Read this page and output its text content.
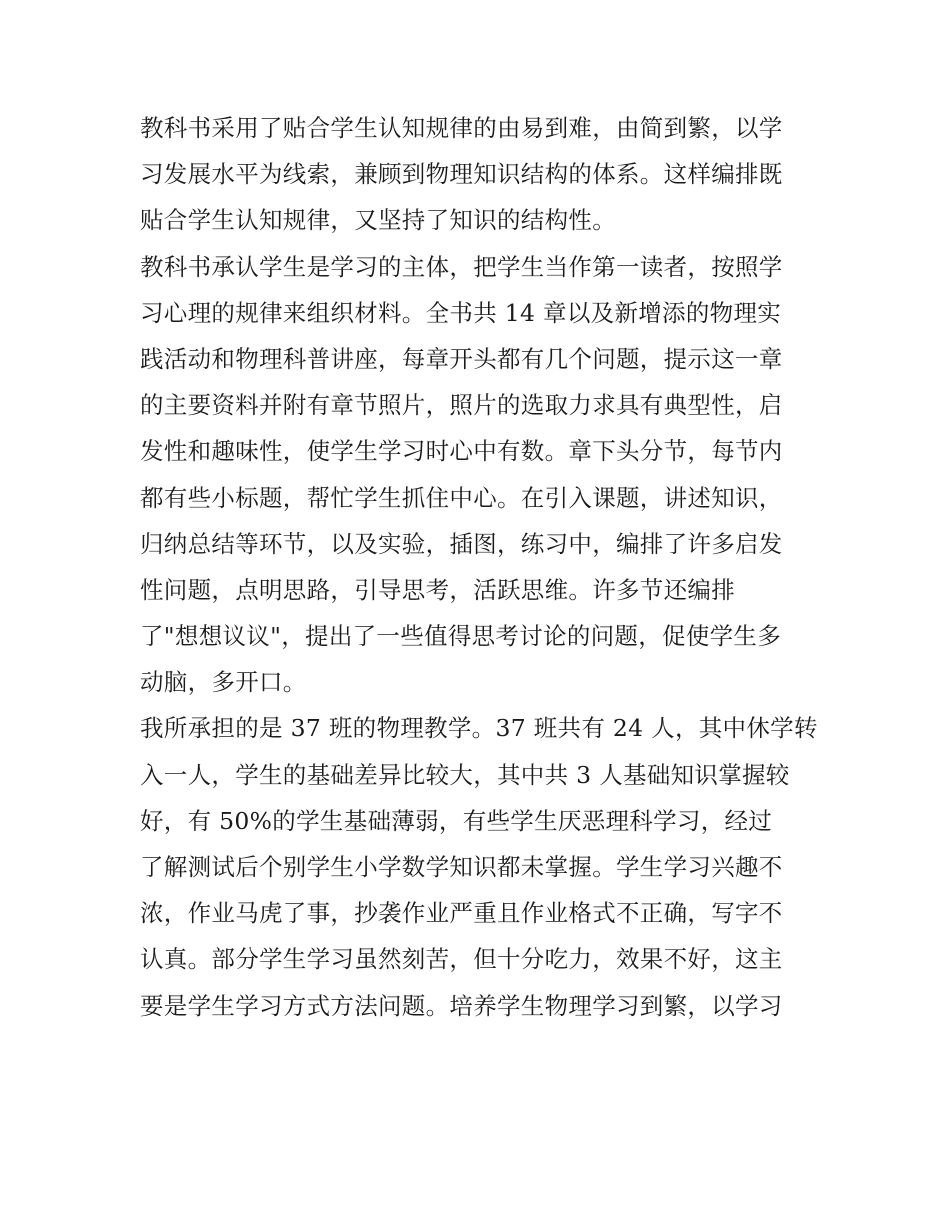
教科书采用了贴合学生认知规律的由易到难，由简到繁，以学
习发展水平为线索，兼顾到物理知识结构的体系。这样编排既
贴合学生认知规律，又坚持了知识的结构性。
教科书承认学生是学习的主体，把学生当作第一读者，按照学
习心理的规律来组织材料。全书共 14 章以及新增添的物理实
践活动和物理科普讲座，每章开头都有几个问题，提示这一章
的主要资料并附有章节照片，照片的选取力求具有典型性，启
发性和趣味性，使学生学习时心中有数。章下头分节，每节内
都有些小标题，帮忙学生抓住中心。在引入课题，讲述知识，
归纳总结等环节，以及实验，插图，练习中，编排了许多启发
性问题，点明思路，引导思考，活跃思维。许多节还编排
了"想想议议"，提出了一些值得思考讨论的问题，促使学生多
动脑，多开口。
我所承担的是 37 班的物理教学。37 班共有 24 人，其中休学转
入一人，学生的基础差异比较大，其中共 3 人基础知识掌握较
好，有 50%的学生基础薄弱，有些学生厌恶理科学习，经过
了解测试后个别学生小学数学知识都未掌握。学生学习兴趣不
浓，作业马虎了事，抄袭作业严重且作业格式不正确，写字不
认真。部分学生学习虽然刻苦，但十分吃力，效果不好，这主
要是学生学习方式方法问题。培养学生物理学习到繁，以学习
